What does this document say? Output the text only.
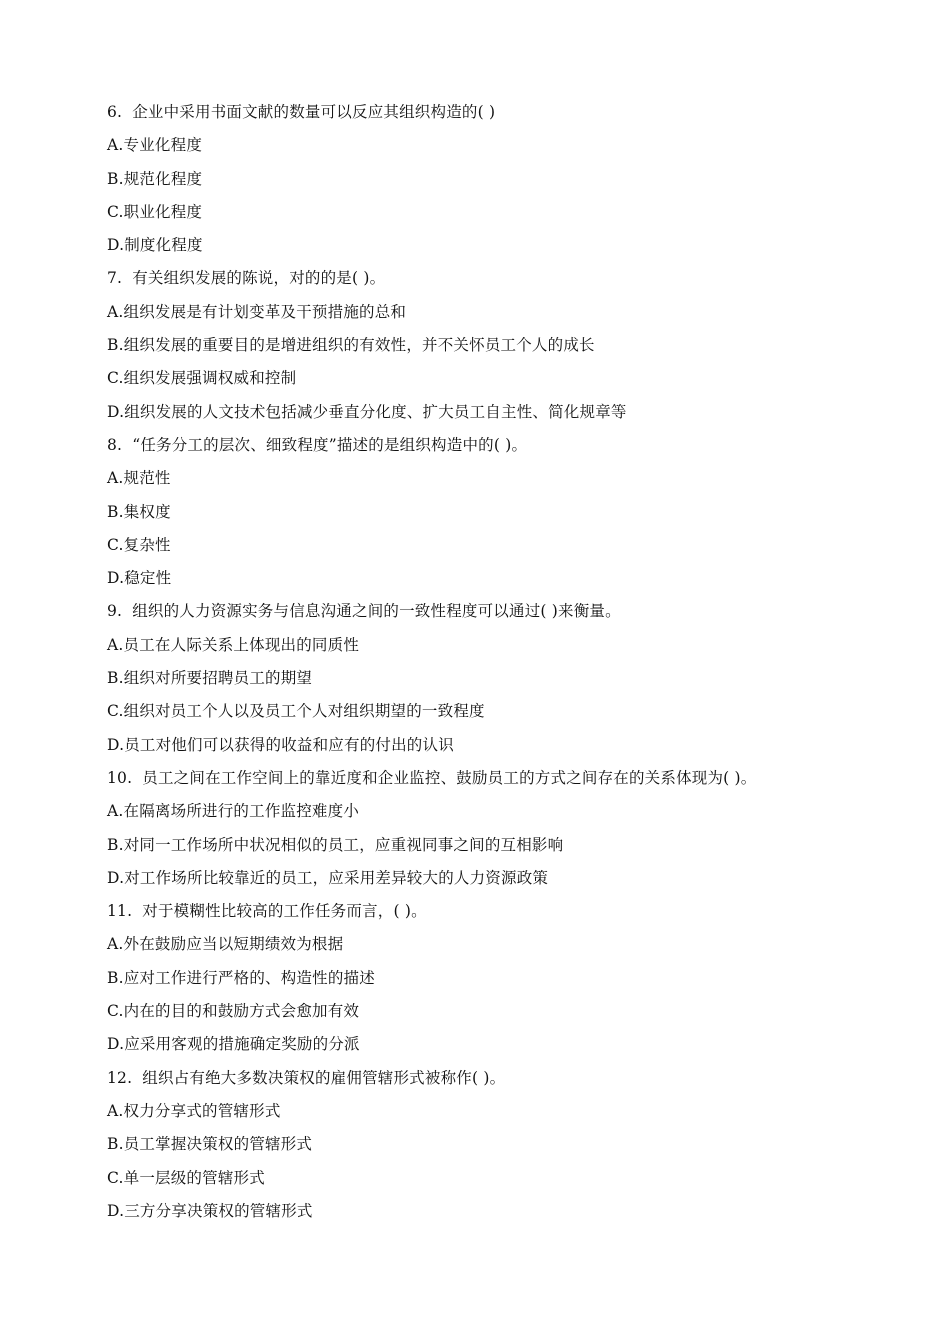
6. 企业中采用书面文献的数量可以反应其组织构造的( )
A.专业化程度
B.规范化程度
C.职业化程度
D.制度化程度
7. 有关组织发展的陈说，对的的是( )。
A.组织发展是有计划变革及干预措施的总和
B.组织发展的重要目的是增进组织的有效性，并不关怀员工个人的成长
C.组织发展强调权威和控制
D.组织发展的人文技术包括减少垂直分化度、扩大员工自主性、简化规章等
8. “任务分工的层次、细致程度”描述的是组织构造中的( )。
A.规范性
B.集权度
C.复杂性
D.稳定性
9. 组织的人力资源实务与信息沟通之间的一致性程度可以通过( )来衡量。
A.员工在人际关系上体现出的同质性
B.组织对所要招聘员工的期望
C.组织对员工个人以及员工个人对组织期望的一致程度
D.员工对他们可以获得的收益和应有的付出的认识
10. 员工之间在工作空间上的靠近度和企业监控、鼓励员工的方式之间存在的关系体现为( )。
A.在隔离场所进行的工作监控难度小
B.对同一工作场所中状况相似的员工，应重视同事之间的互相影响
D.对工作场所比较靠近的员工，应采用差异较大的人力资源政策
11. 对于模糊性比较高的工作任务而言，( )。
A.外在鼓励应当以短期绩效为根据
B.应对工作进行严格的、构造性的描述
C.内在的目的和鼓励方式会愈加有效
D.应采用客观的措施确定奖励的分派
12. 组织占有绝大多数决策权的雇佣管辖形式被称作( )。
A.权力分享式的管辖形式
B.员工掌握决策权的管辖形式
C.单一层级的管辖形式
D.三方分享决策权的管辖形式
